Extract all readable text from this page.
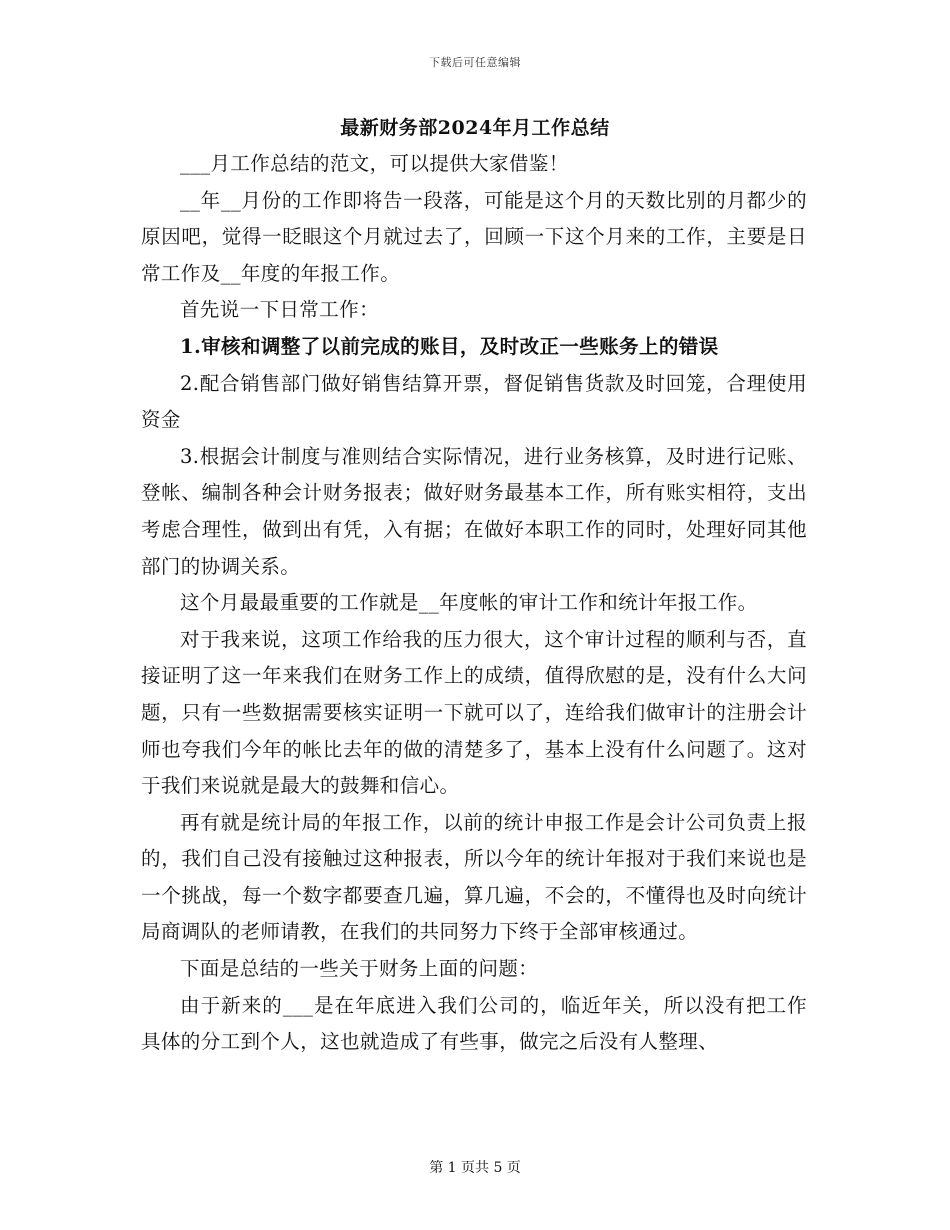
下载后可任意编辑
最新财务部2024年月工作总结

___月工作总结的范文，可以提供大家借鉴！

__年__月份的工作即将告一段落，可能是这个月的天数比别的月都少的原因吧，觉得一眨眼这个月就过去了，回顾一下这个月来的工作，主要是日常工作及__年度的年报工作。

首先说一下日常工作：

1.审核和调整了以前完成的账目，及时改正一些账务上的错误

2.配合销售部门做好销售结算开票，督促销售货款及时回笼，合理使用资金

3.根据会计制度与准则结合实际情况，进行业务核算，及时进行记账、登帐、编制各种会计财务报表；做好财务最基本工作，所有账实相符，支出考虑合理性，做到出有凭，入有据；在做好本职工作的同时，处理好同其他部门的协调关系。

这个月最最重要的工作就是__年度帐的审计工作和统计年报工作。

对于我来说，这项工作给我的压力很大，这个审计过程的顺利与否，直接证明了这一年来我们在财务工作上的成绩，值得欣慰的是，没有什么大问题，只有一些数据需要核实证明一下就可以了，连给我们做审计的注册会计师也夸我们今年的帐比去年的做的清楚多了，基本上没有什么问题了。这对于我们来说就是最大的鼓舞和信心。

再有就是统计局的年报工作，以前的统计申报工作是会计公司负责上报的，我们自己没有接触过这种报表，所以今年的统计年报对于我们来说也是一个挑战，每一个数字都要查几遍，算几遍，不会的，不懂得也及时向统计局商调队的老师请教，在我们的共同努力下终于全部审核通过。

下面是总结的一些关于财务上面的问题：

由于新来的___是在年底进入我们公司的，临近年关，所以没有把工作具体的分工到个人，这也就造成了有些事，做完之后没有人整理、

第 1 页共 5 页
